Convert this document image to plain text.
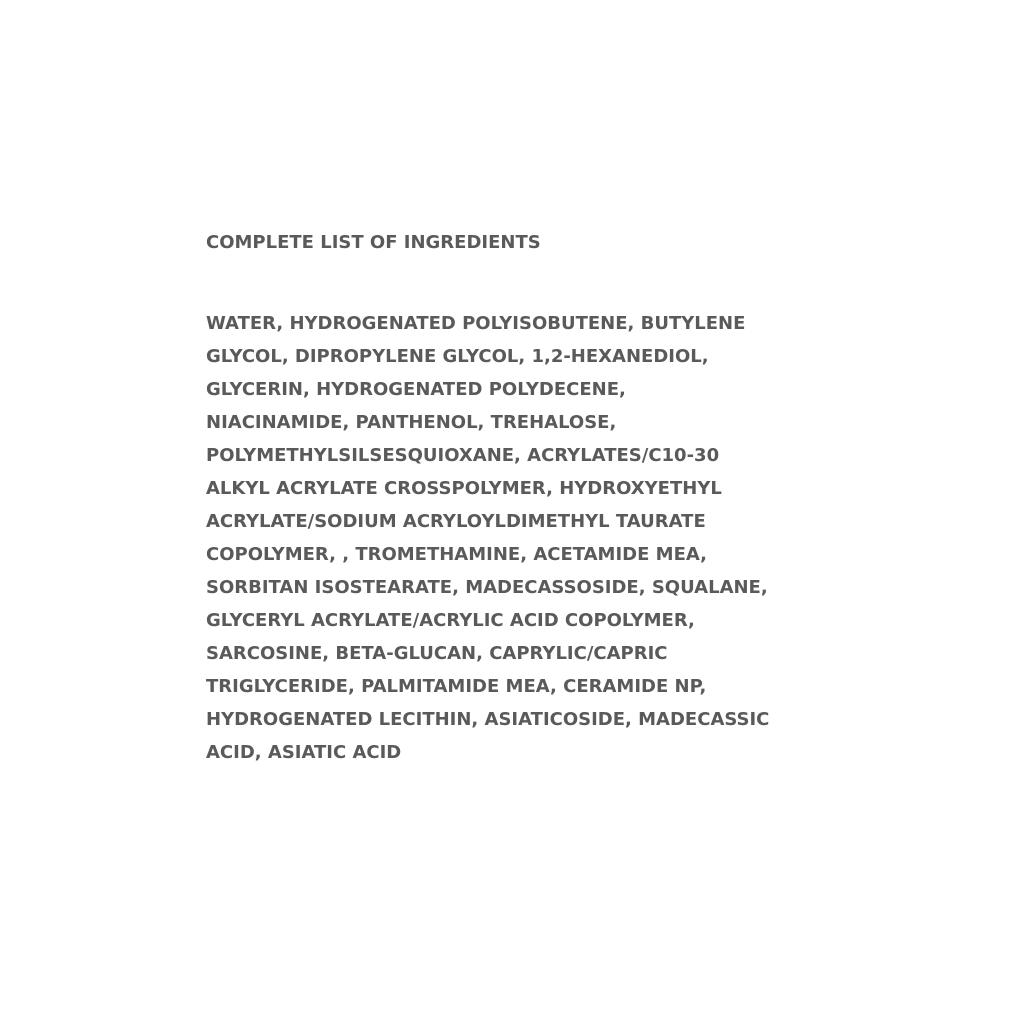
COMPLETE LIST OF INGREDIENTS
WATER, HYDROGENATED POLYISOBUTENE, BUTYLENE
GLYCOL, DIPROPYLENE GLYCOL, 1,2-HEXANEDIOL,
GLYCERIN, HYDROGENATED POLYDECENE,
NIACINAMIDE, PANTHENOL, TREHALOSE,
POLYMETHYLSILSESQUIOXANE, ACRYLATES/C10-30
ALKYL ACRYLATE CROSSPOLYMER, HYDROXYETHYL
ACRYLATE/SODIUM ACRYLOYLDIMETHYL TAURATE
COPOLYMER, , TROMETHAMINE, ACETAMIDE MEA,
SORBITAN ISOSTEARATE, MADECASSOSIDE, SQUALANE,
GLYCERYL ACRYLATE/ACRYLIC ACID COPOLYMER,
SARCOSINE, BETA-GLUCAN, CAPRYLIC/CAPRIC
TRIGLYCERIDE, PALMITAMIDE MEA, CERAMIDE NP,
HYDROGENATED LECITHIN, ASIATICOSIDE, MADECASSIC
ACID, ASIATIC ACID
